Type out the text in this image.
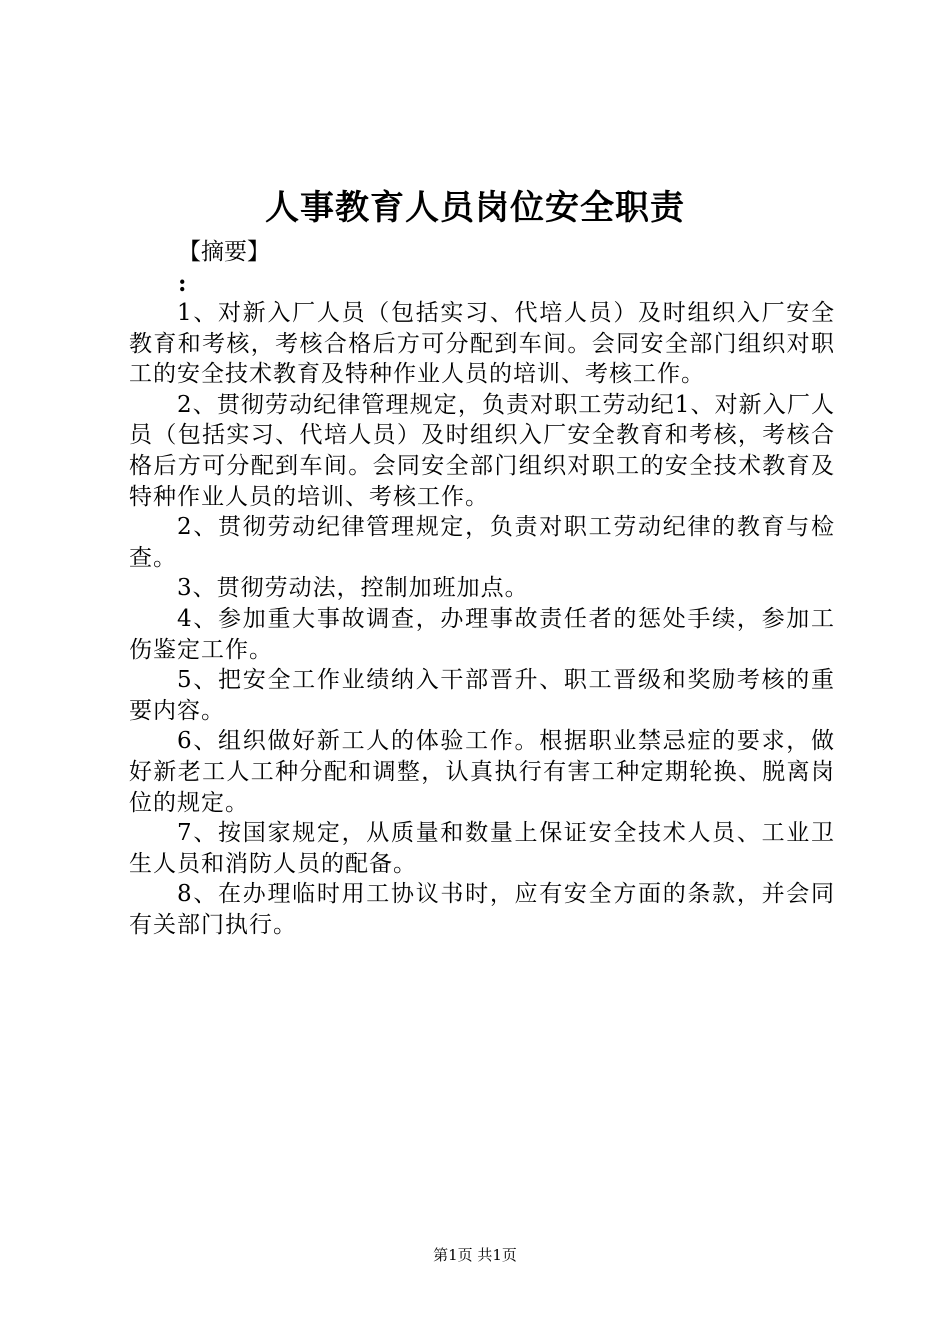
人事教育人员岗位安全职责

【摘要】

:

1、对新入厂人员（包括实习、代培人员）及时组织入厂安全教育和考核，考核合格后方可分配到车间。会同安全部门组织对职工的安全技术教育及特种作业人员的培训、考核工作。

2、贯彻劳动纪律管理规定，负责对职工劳动纪1、对新入厂人员（包括实习、代培人员）及时组织入厂安全教育和考核，考核合格后方可分配到车间。会同安全部门组织对职工的安全技术教育及特种作业人员的培训、考核工作。

2、贯彻劳动纪律管理规定，负责对职工劳动纪律的教育与检查。

3、贯彻劳动法，控制加班加点。

4、参加重大事故调查，办理事故责任者的惩处手续，参加工伤鉴定工作。

5、把安全工作业绩纳入干部晋升、职工晋级和奖励考核的重要内容。

6、组织做好新工人的体验工作。根据职业禁忌症的要求，做好新老工人工种分配和调整，认真执行有害工种定期轮换、脱离岗位的规定。

7、按国家规定，从质量和数量上保证安全技术人员、工业卫生人员和消防人员的配备。

8、在办理临时用工协议书时，应有安全方面的条款，并会同有关部门执行。

第1页 共1页
